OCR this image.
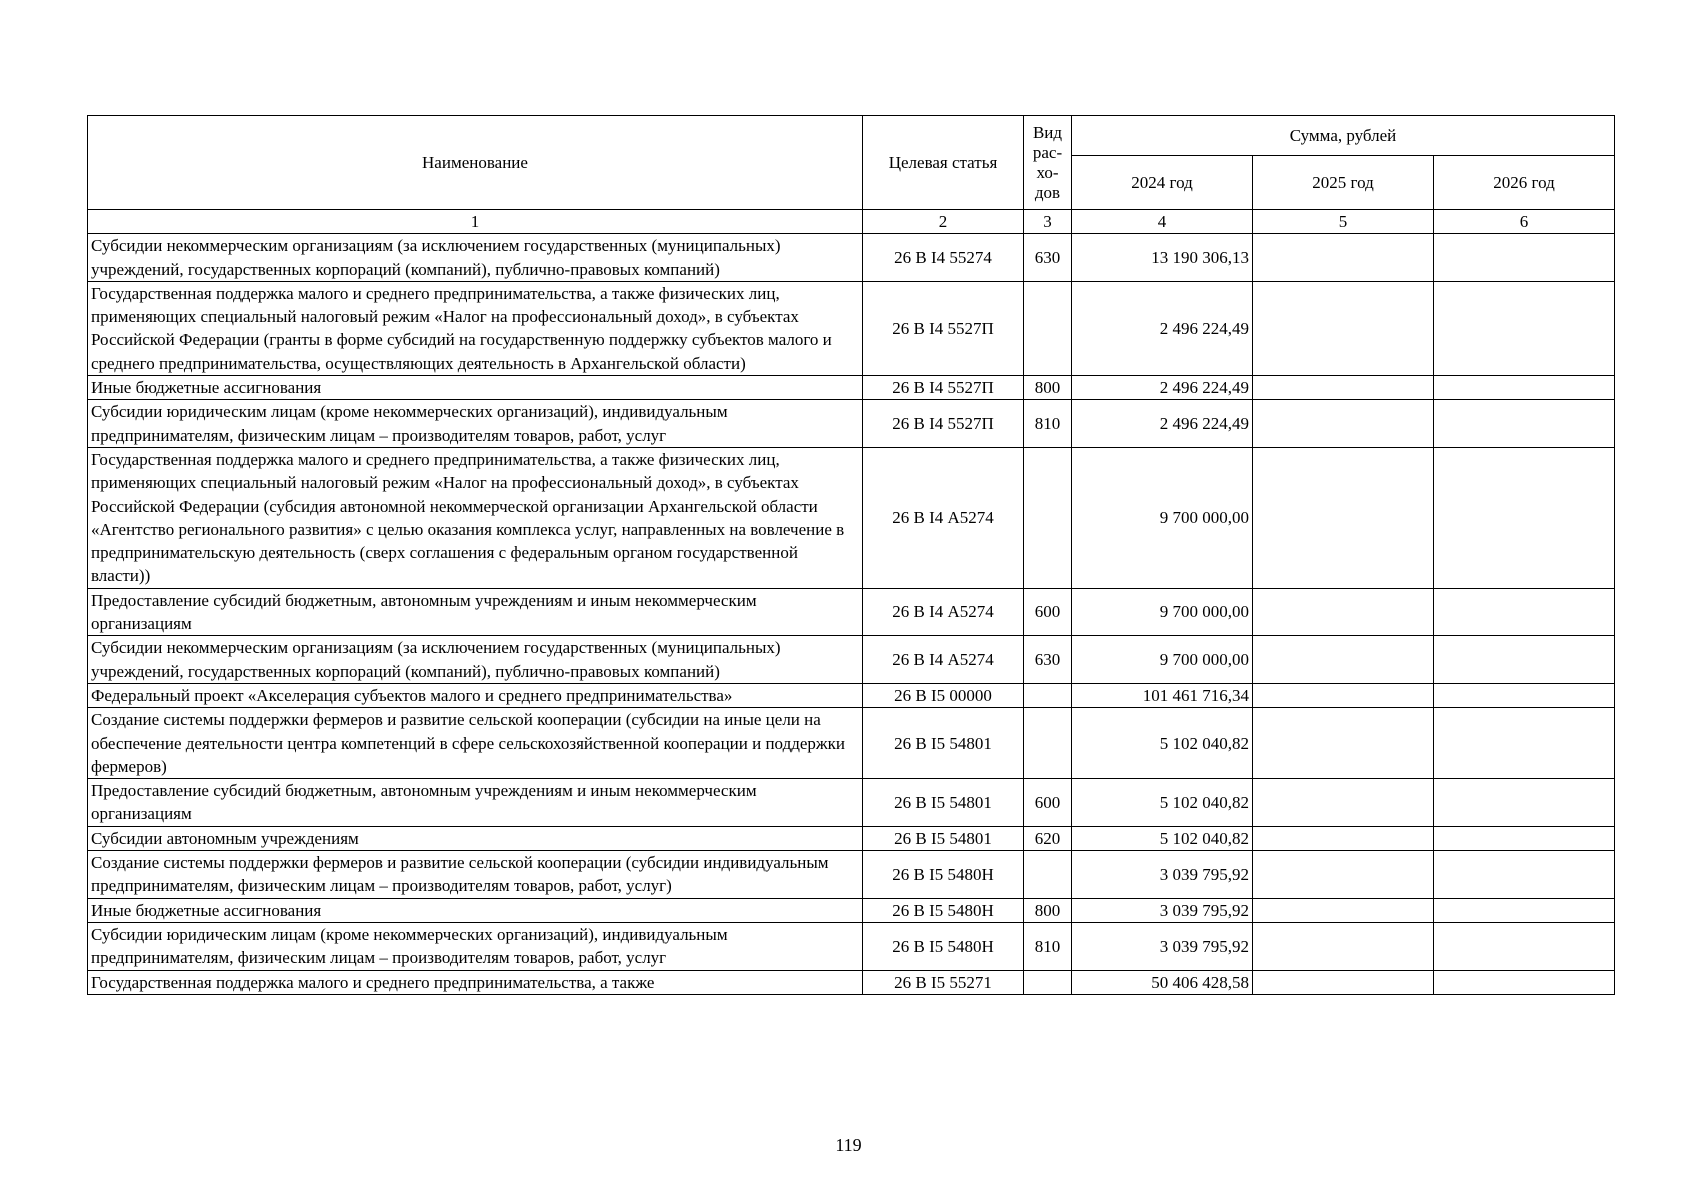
Наименование	Целевая статья	Вид рас- хо- дов	Сумма, рублей		
			2024 год	2025 год	2026 год
1	2	3	4	5	6
Субсидии некоммерческим организациям (за исключением государственных (муниципальных) учреждений, государственных корпораций (компаний), публично-правовых компаний)	26 В I4 55274	630	13 190 306,13		
Государственная поддержка малого и среднего предпринимательства, а также физических лиц, применяющих специальный налоговый режим «Налог на профессиональный доход», в субъектах Российской Федерации (гранты в форме субсидий на государственную поддержку субъектов малого и среднего предпринимательства, осуществляющих деятельность в Архангельской области)	26 В I4 5527П		2 496 224,49		
Иные бюджетные ассигнования	26 В I4 5527П	800	2 496 224,49		
Субсидии юридическим лицам (кроме некоммерческих организаций), индивидуальным предпринимателям, физическим лицам – производителям товаров, работ, услуг	26 В I4 5527П	810	2 496 224,49		
Государственная поддержка малого и среднего предпринимательства, а также физических лиц, применяющих специальный налоговый режим «Налог на профессиональный доход», в субъектах Российской Федерации (субсидия автономной некоммерческой организации Архангельской области «Агентство регионального развития» с целью оказания комплекса услуг, направленных на вовлечение в предпринимательскую деятельность (сверх соглашения с федеральным органом государственной власти))	26 В I4 А5274		9 700 000,00		
Предоставление субсидий бюджетным, автономным учреждениям и иным некоммерческим организациям	26 В I4 А5274	600	9 700 000,00		
Субсидии некоммерческим организациям (за исключением государственных (муниципальных) учреждений, государственных корпораций (компаний), публично-правовых компаний)	26 В I4 А5274	630	9 700 000,00		
Федеральный проект «Акселерация субъектов малого и среднего предпринимательства»	26 В I5 00000		101 461 716,34		
Создание системы поддержки фермеров и развитие сельской кооперации (субсидии на иные цели на обеспечение деятельности центра компетенций в сфере сельскохозяйственной кооперации и поддержки фермеров)	26 В I5 54801		5 102 040,82		
Предоставление субсидий бюджетным, автономным учреждениям и иным некоммерческим организациям	26 В I5 54801	600	5 102 040,82		
Субсидии автономным учреждениям	26 В I5 54801	620	5 102 040,82		
Создание системы поддержки фермеров и развитие сельской кооперации (субсидии индивидуальным предпринимателям, физическим лицам – производителям товаров, работ, услуг)	26 В I5 5480Н		3 039 795,92		
Иные бюджетные ассигнования	26 В I5 5480Н	800	3 039 795,92		
Субсидии юридическим лицам (кроме некоммерческих организаций), индивидуальным предпринимателям, физическим лицам – производителям товаров, работ, услуг	26 В I5 5480Н	810	3 039 795,92		
Государственная поддержка малого и среднего предпринимательства, а также	26 В I5 55271		50 406 428,58		
119
